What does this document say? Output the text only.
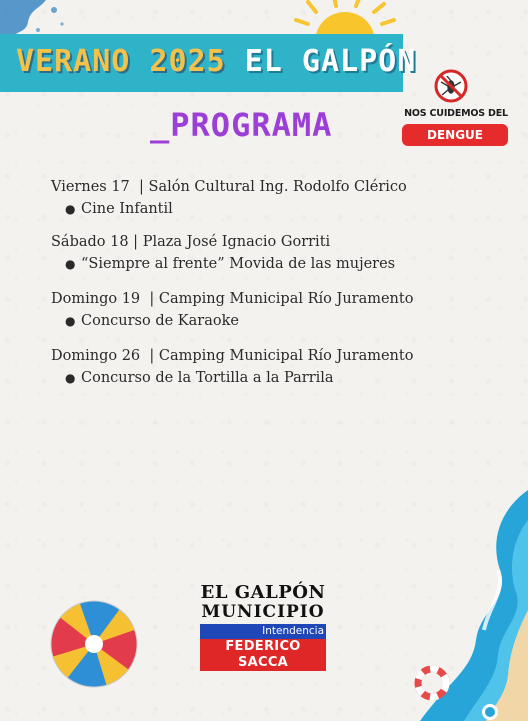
VERANO 2025 EL GALPÓN
_PROGRAMA	NOS CUIDEMOS DEL
DENGUE
Viernes 17  | Salón Cultural Ing. Rodolfo Clérico
● Cine Infantil
Sábado 18 | Plaza José Ignacio Gorriti
● “Siempre al frente” Movida de las mujeres
Domingo 19  | Camping Municipal Río Juramento
● Concurso de Karaoke
Domingo 26  | Camping Municipal Río Juramento
● Concurso de la Tortilla a la Parrila
EL GALPÓN
MUNICIPIO
Intendencia
FEDERICO SACCA
